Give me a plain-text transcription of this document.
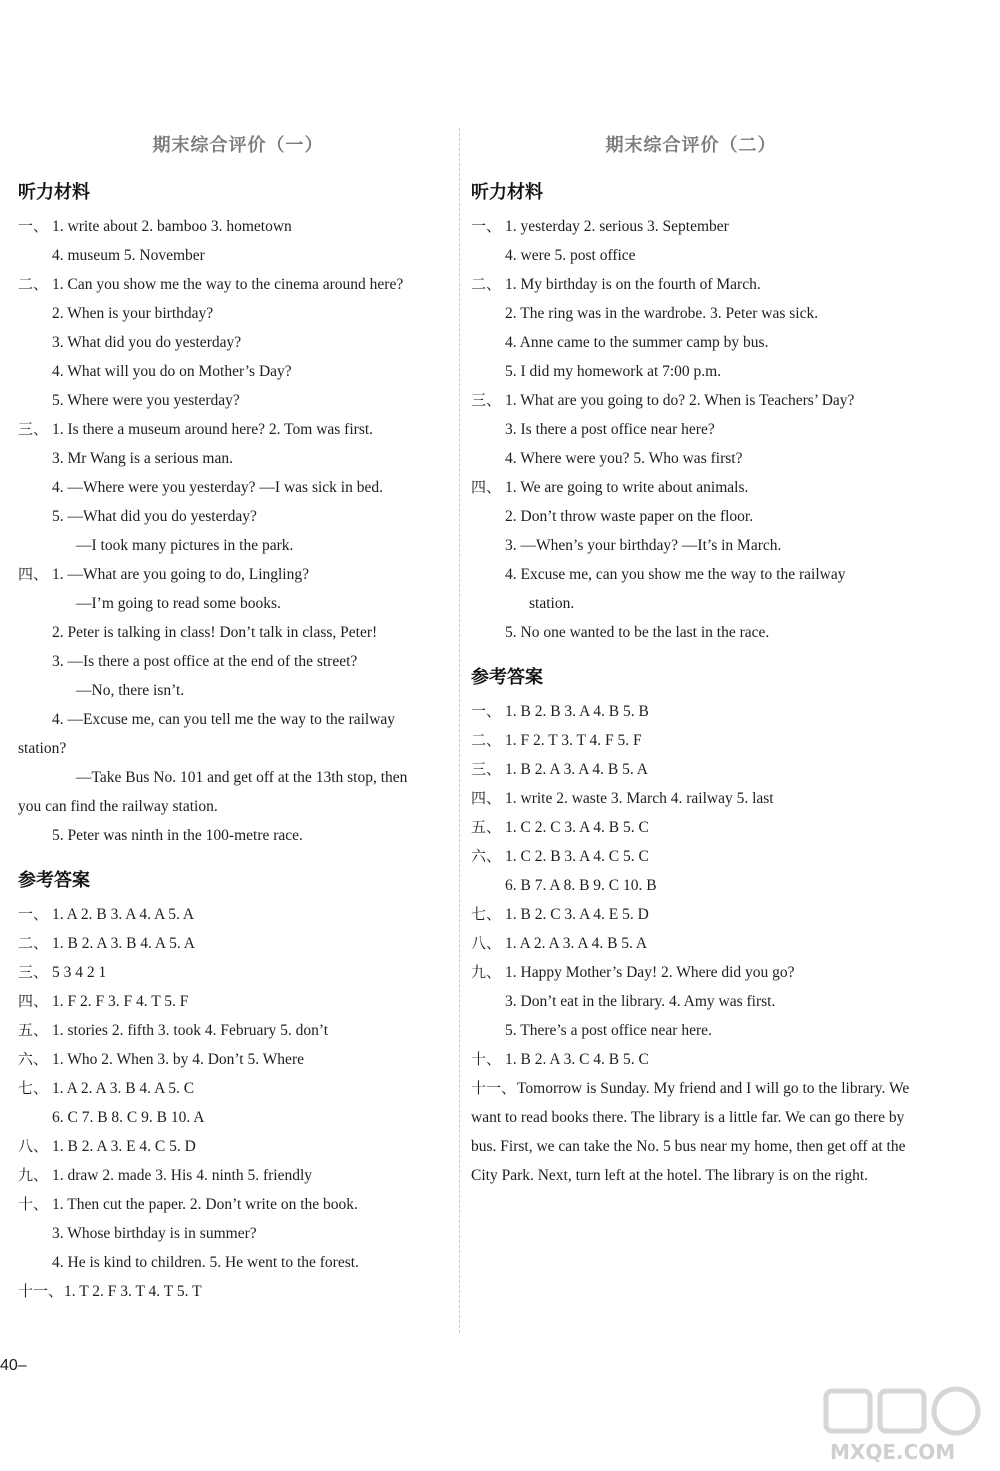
期末综合评价（一）
听力材料
一、 1. write about 2. bamboo 3. hometown
4. museum 5. November
二、 1. Can you show me the way to the cinema around here?
2. When is your birthday?
3. What did you do yesterday?
4. What will you do on Mother’s Day?
5. Where were you yesterday?
三、 1. Is there a museum around here? 2. Tom was first.
3. Mr Wang is a serious man.
4. —Where were you yesterday? —I was sick in bed.
5. —What did you do yesterday?
—I took many pictures in the park.
四、 1. —What are you going to do, Lingling?
—I’m going to read some books.
2. Peter is talking in class! Don’t talk in class, Peter!
3. —Is there a post office at the end of the street?
—No, there isn’t.
4. —Excuse me, can you tell me the way to the railway
station?
—Take Bus No. 101 and get off at the 13th stop, then
you can find the railway station.
5. Peter was ninth in the 100-metre race.
参考答案
一、 1. A 2. B 3. A 4. A 5. A
二、 1. B 2. A 3. B 4. A 5. A
三、 5 3 4 2 1
四、 1. F 2. F 3. F 4. T 5. F
五、 1. stories 2. fifth 3. took 4. February 5. don’t
六、 1. Who 2. When 3. by 4. Don’t 5. Where
七、 1. A 2. A 3. B 4. A 5. C
6. C 7. B 8. C 9. B 10. A
八、 1. B 2. A 3. E 4. C 5. D
九、 1. draw 2. made 3. His 4. ninth 5. friendly
十、 1. Then cut the paper. 2. Don’t write on the book.
3. Whose birthday is in summer?
4. He is kind to children. 5. He went to the forest.
十一、1. T 2. F 3. T 4. T 5. T
期末综合评价（二）
听力材料
一、 1. yesterday 2. serious 3. September
4. were 5. post office
二、 1. My birthday is on the fourth of March.
2. The ring was in the wardrobe. 3. Peter was sick.
4. Anne came to the summer camp by bus.
5. I did my homework at 7:00 p.m.
三、 1. What are you going to do? 2. When is Teachers’ Day?
3. Is there a post office near here?
4. Where were you? 5. Who was first?
四、 1. We are going to write about animals.
2. Don’t throw waste paper on the floor.
3. —When’s your birthday? —It’s in March.
4. Excuse me, can you show me the way to the railway
station.
5. No one wanted to be the last in the race.
参考答案
一、 1. B 2. B 3. A 4. B 5. B
二、 1. F 2. T 3. T 4. F 5. F
三、 1. B 2. A 3. A 4. B 5. A
四、 1. write 2. waste 3. March 4. railway 5. last
五、 1. C 2. C 3. A 4. B 5. C
六、 1. C 2. B 3. A 4. C 5. C
6. B 7. A 8. B 9. C 10. B
七、 1. B 2. C 3. A 4. E 5. D
八、 1. A 2. A 3. A 4. B 5. A
九、 1. Happy Mother’s Day! 2. Where did you go?
3. Don’t eat in the library. 4. Amy was first.
5. There’s a post office near here.
十、 1. B 2. A 3. C 4. B 5. C
十一、Tomorrow is Sunday. My friend and I will go to the library. We want to read books there. The library is a little far. We can go there by bus. First, we can take the No. 5 bus near my home, then get off at the City Park. Next, turn left at the hotel. The library is on the right.
40–
MXQE.COM
